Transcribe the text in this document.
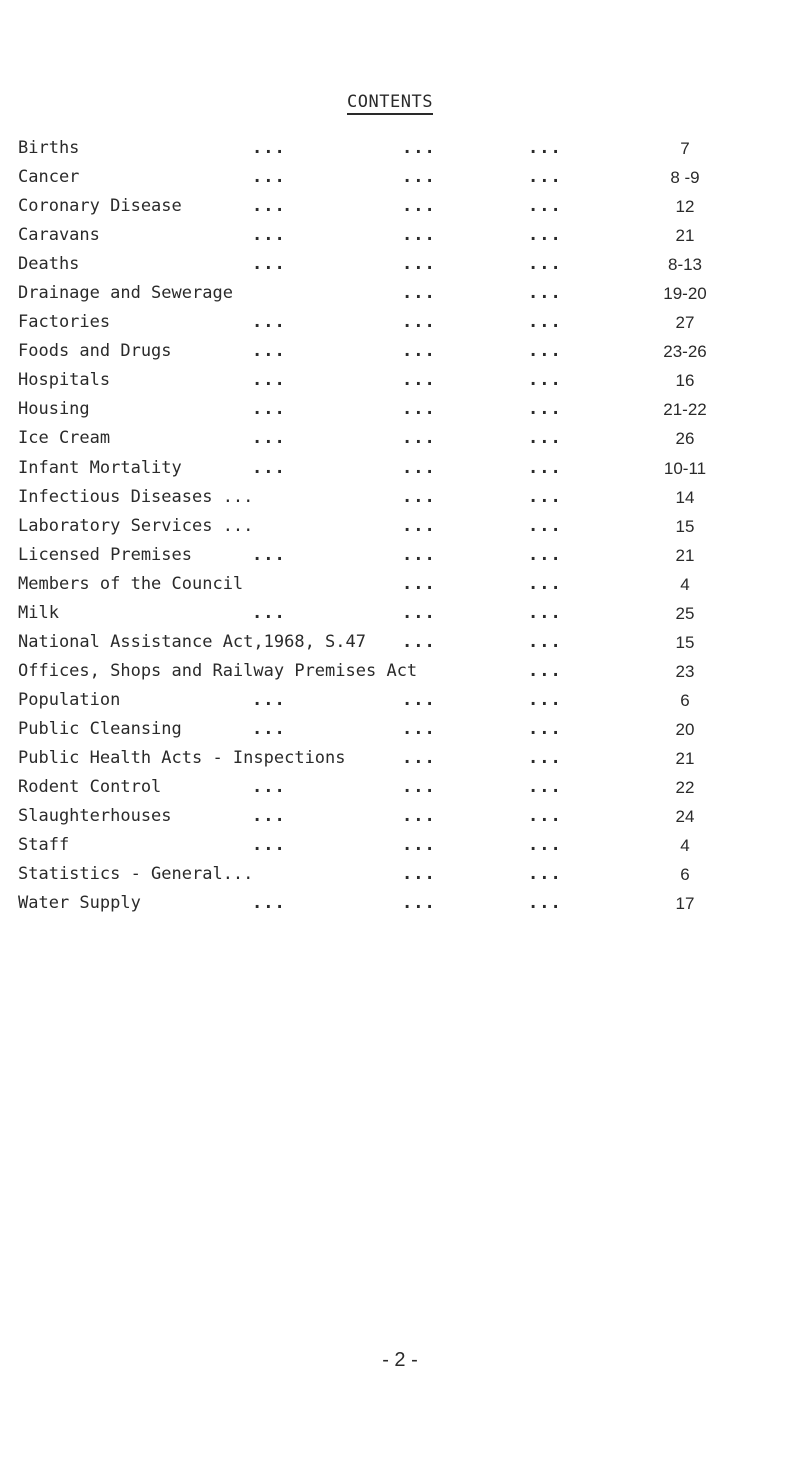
CONTENTS
Births	...	...	...	7
Cancer	...	...	...	8 -9
Coronary Disease	...	...	...	12
Caravans	...	...	...	21
Deaths	...	...	...	8-13
Drainage and Sewerage	...	...	19-20
Factories	...	...	...	27
Foods and Drugs	...	...	...	23-26
Hospitals	...	...	...	16
Housing	...	...	...	21-22
Ice Cream	...	...	...	26
Infant Mortality	...	...	...	10-11
Infectious Diseases ...	...	...	14
Laboratory Services ...	...	...	15
Licensed Premises	...	...	...	21
Members of the Council	...	...	4
Milk	...	...	...	25
National Assistance Act,1968, S.47 ...	...	15
Offices, Shops and Railway Premises Act	...	23
Population	...	...	...	6
Public Cleansing	...	...	...	20
Public Health Acts - Inspections	...	...	21
Rodent Control	...	...	...	22
Slaughterhouses	...	...	...	24
Staff	...	...	...	4
Statistics - General...	...	...	6
Water Supply	...	...	...	17
- 2 -
